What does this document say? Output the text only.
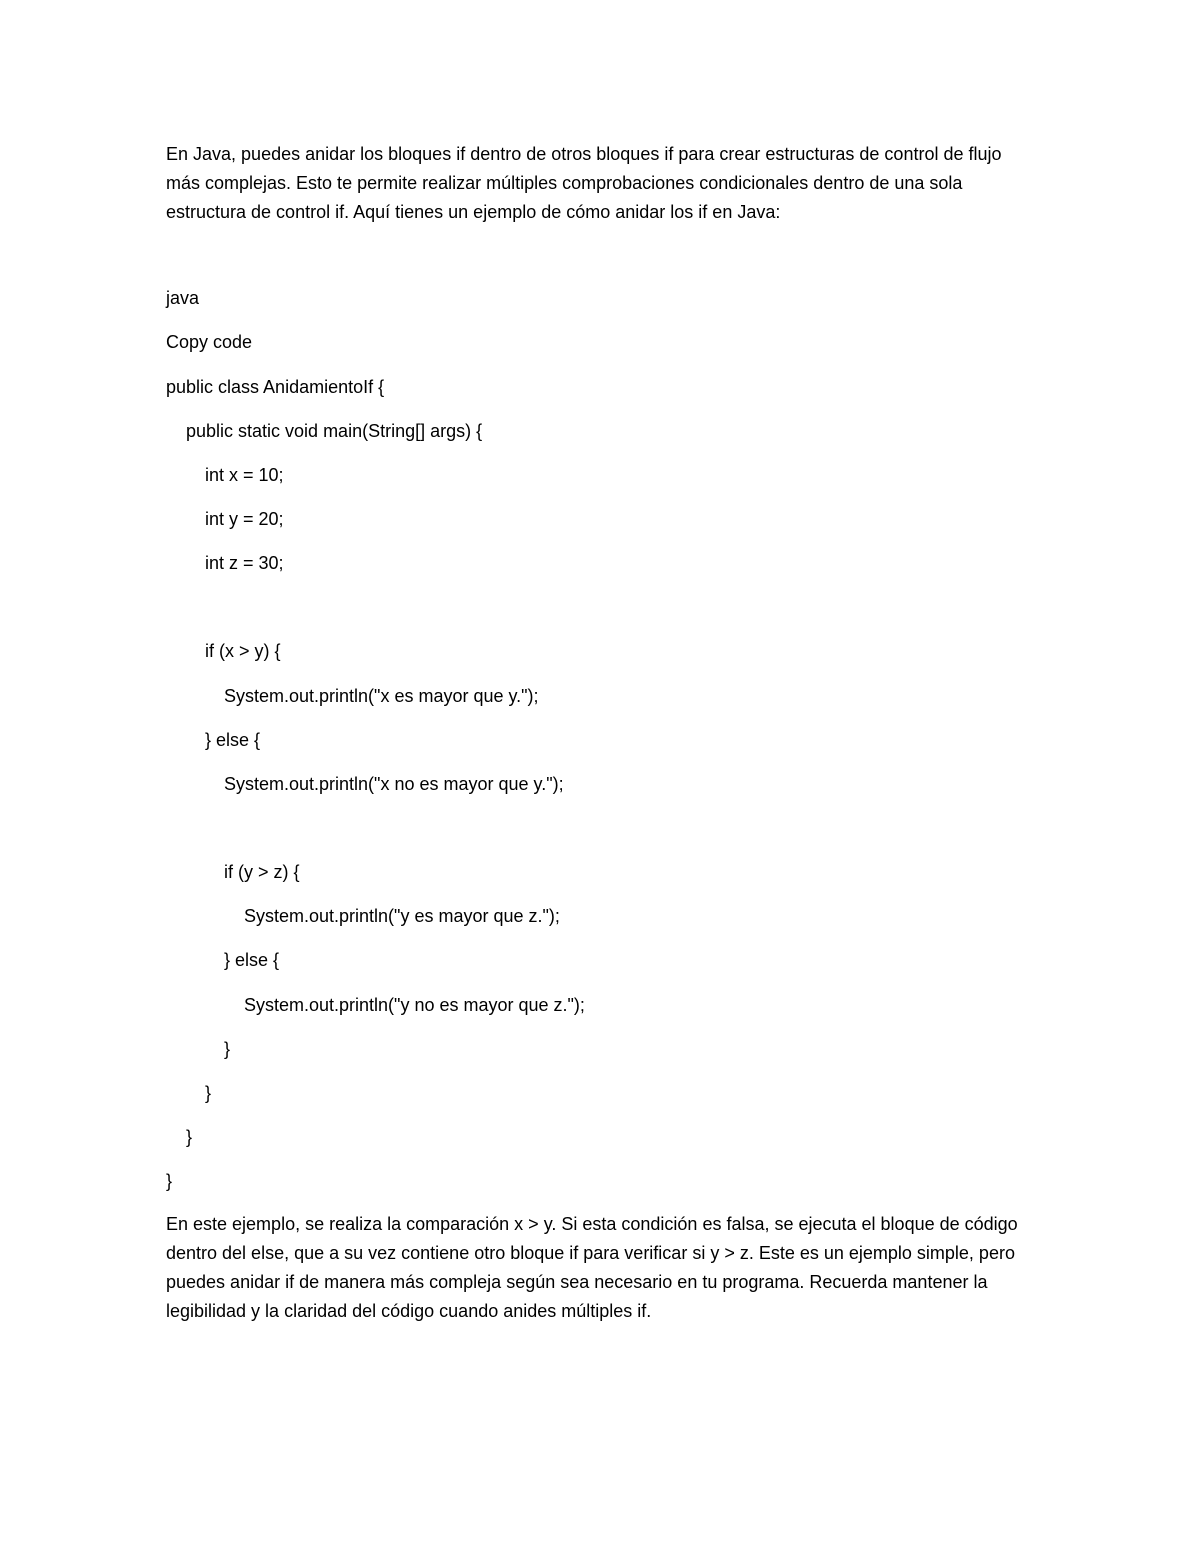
En Java, puedes anidar los bloques if dentro de otros bloques if para crear estructuras de control de flujo más complejas. Esto te permite realizar múltiples comprobaciones condicionales dentro de una sola estructura de control if. Aquí tienes un ejemplo de cómo anidar los if en Java:

java
Copy code
public class AnidamientoIf {
public static void main(String[] args) {
int x = 10;
int y = 20;
int z = 30;
if (x > y) {
System.out.println("x es mayor que y.");
} else {
System.out.println("x no es mayor que y.");
if (y > z) {
System.out.println("y es mayor que z.");
} else {
System.out.println("y no es mayor que z.");
}
}
}
}

En este ejemplo, se realiza la comparación x > y. Si esta condición es falsa, se ejecuta el bloque de código dentro del else, que a su vez contiene otro bloque if para verificar si y > z. Este es un ejemplo simple, pero puedes anidar if de manera más compleja según sea necesario en tu programa. Recuerda mantener la legibilidad y la claridad del código cuando anides múltiples if.
